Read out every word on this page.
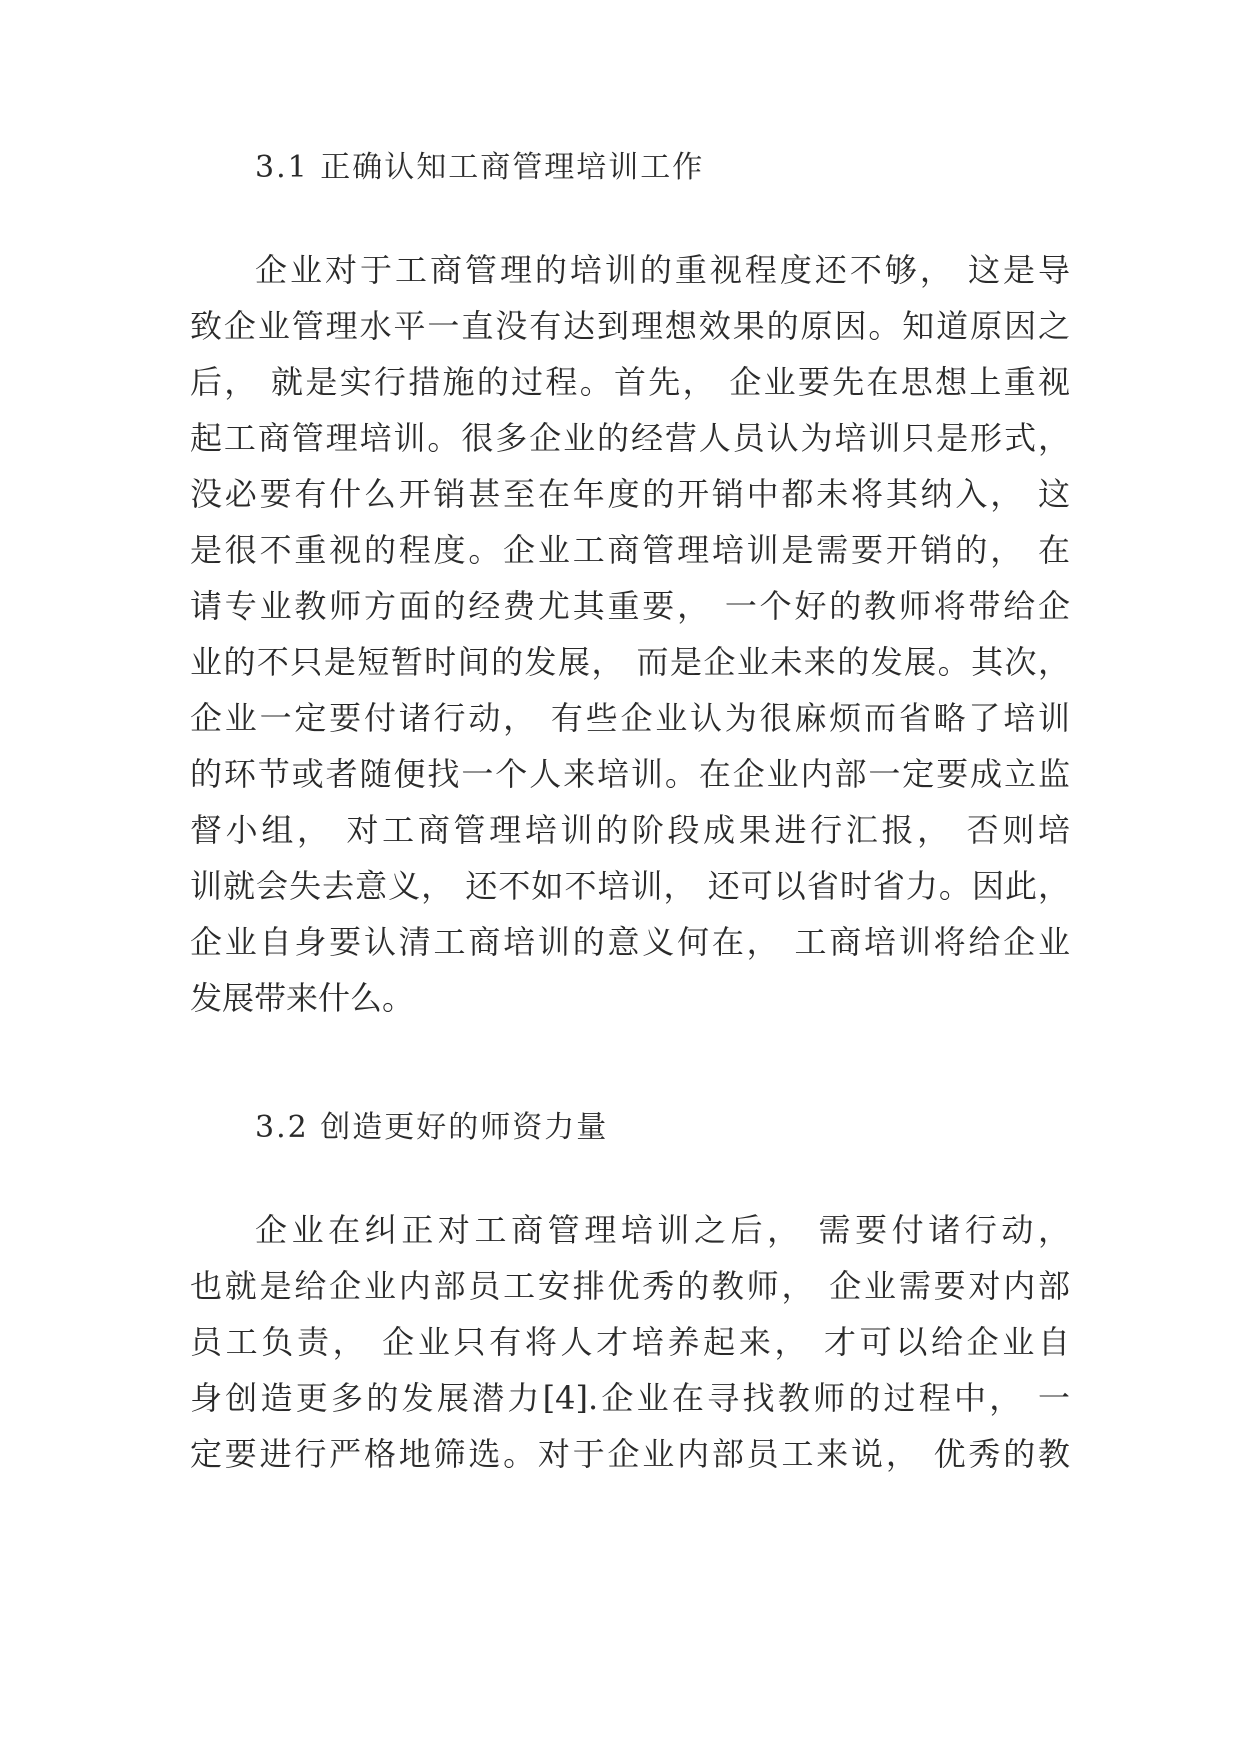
3.1 正确认知工商管理培训工作
企业对于工商管理的培训的重视程度还不够， 这是导
致企业管理水平一直没有达到理想效果的原因。知道原因之
后， 就是实行措施的过程。首先， 企业要先在思想上重视
起工商管理培训。很多企业的经营人员认为培训只是形式，
没必要有什么开销甚至在年度的开销中都未将其纳入， 这
是很不重视的程度。企业工商管理培训是需要开销的， 在
请专业教师方面的经费尤其重要， 一个好的教师将带给企
业的不只是短暂时间的发展， 而是企业未来的发展。其次，
企业一定要付诸行动， 有些企业认为很麻烦而省略了培训
的环节或者随便找一个人来培训。在企业内部一定要成立监
督小组， 对工商管理培训的阶段成果进行汇报， 否则培
训就会失去意义， 还不如不培训， 还可以省时省力。因此，
企业自身要认清工商培训的意义何在， 工商培训将给企业
发展带来什么。
3.2 创造更好的师资力量
企业在纠正对工商管理培训之后， 需要付诸行动，
也就是给企业内部员工安排优秀的教师， 企业需要对内部
员工负责， 企业只有将人才培养起来， 才可以给企业自
身创造更多的发展潜力[4].企业在寻找教师的过程中， 一
定要进行严格地筛选。对于企业内部员工来说， 优秀的教
